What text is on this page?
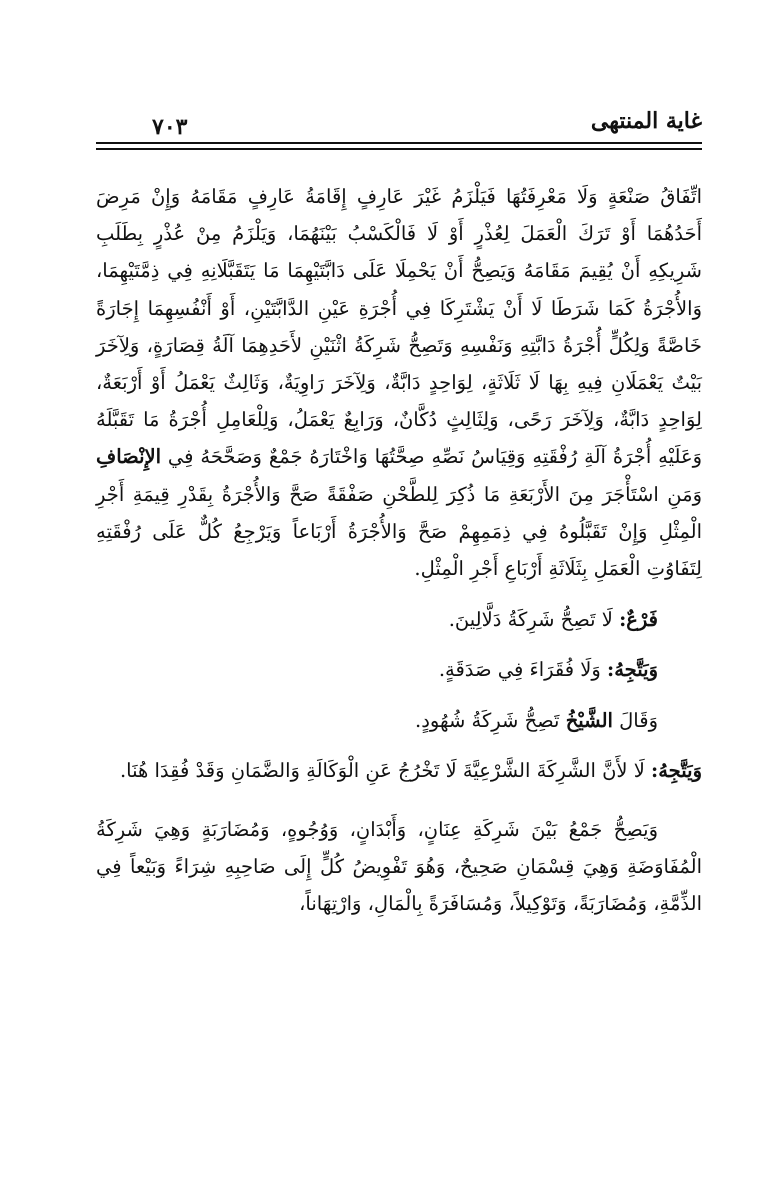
غاية المنتهى
٧٠٣

اتِّفَاقُ صَنْعَةٍ وَلَا مَعْرِفَتُهَا فَيَلْزَمُ غَيْرَ عَارِفٍ إِقَامَةُ عَارِفٍ مَقَامَهُ وَإِنْ مَرِضَ أَحَدُهُمَا أَوْ تَرَكَ الْعَمَلَ لِعُذْرٍ أَوْ لَا فَالْكَسْبُ بَيْنَهُمَا، وَيَلْزَمُ مِنْ عُذْرٍ بِطَلَبِ شَرِيكِهِ أَنْ يُقِيمَ مَقَامَهُ وَيَصِحُّ أَنْ يَحْمِلَا عَلَى دَابَّتَيْهِمَا مَا يَتَقَبَّلَانِهِ فِي ذِمَّتَيْهِمَا، وَالأُجْرَةُ كَمَا شَرَطَا لَا أَنْ يَشْتَرِكَا فِي أُجْرَةِ عَيْنِ الدَّابَّتَيْنِ، أَوْ أَنْفُسِهِمَا إِجَارَةً خَاصَّةً وَلِكُلٍّ أُجْرَةُ دَابَّتِهِ وَنَفْسِهِ وَتَصِحُّ شَرِكَةُ اثْنَيْنِ لأَحَدِهِمَا آلَةُ قِصَارَةٍ، وَلِآخَرَ بَيْتٌ يَعْمَلَانِ فِيهِ بِهَا لَا ثَلَاثَةٍ، لِوَاحِدٍ دَابَّةٌ، وَلِآخَرَ رَاوِيَةٌ، وَثَالِثٌ يَعْمَلُ أَوْ أَرْبَعَةٌ، لِوَاحِدٍ دَابَّةٌ، وَلِآخَرَ رَحًى، وَلِثَالِثٍ دُكَّانٌ، وَرَابِعٌ يَعْمَلُ، وَلِلْعَامِلِ أُجْرَةُ مَا تَقَبَّلَهُ وَعَلَيْهِ أُجْرَةُ آلَةِ رُفْقَتِهِ وَقِيَاسُ نَصِّهِ صِحَّتُهَا وَاخْتَارَهُ جَمْعٌ وَصَحَّحَهُ فِي الإِنْصَافِ وَمَنِ اسْتَأْجَرَ مِنَ الأَرْبَعَةِ مَا ذُكِرَ لِلطَّحْنِ صَفْقَةً صَحَّ وَالأُجْرَةُ بِقَدْرِ قِيمَةِ أَجْرِ الْمِثْلِ وَإِنْ تَقَبَّلُوهُ فِي ذِمَمِهِمْ صَحَّ وَالأُجْرَةُ أَرْبَاعاً وَيَرْجِعُ كُلٌّ عَلَى رُفْقَتِهِ لِتَفَاوُتِ الْعَمَلِ بِثَلَاثَةِ أَرْبَاعِ أَجْرِ الْمِثْلِ.

فَرْعٌ: لَا تَصِحُّ شَرِكَةُ دَلَّالِينَ.

وَيَتَّجِهُ: وَلَا فُقَرَاءَ فِي صَدَقَةٍ.

وَقَالَ الشَّيْخُ تَصِحُّ شَرِكَةُ شُهُودٍ.

وَيَتَّجِهُ: لَا لأَنَّ الشَّرِكَةَ الشَّرْعِيَّةَ لَا تَخْرُجُ عَنِ الْوَكَالَةِ وَالضَّمَانِ وَقَدْ فُقِدَا هُنَا.

وَيَصِحُّ جَمْعُ بَيْنَ شَرِكَةِ عِنَانٍ، وَأَبْدَانٍ، وَوُجُوهٍ، وَمُضَارَبَةٍ وَهِيَ شَرِكَةُ الْمُفَاوَضَةِ وَهِيَ قِسْمَانِ صَحِيحٌ، وَهُوَ تَفْوِيضُ كُلٍّ إِلَى صَاحِبِهِ شِرَاءً وَبَيْعاً فِي الذِّمَّةِ، وَمُضَارَبَةً، وَتَوْكِيلاً، وَمُسَافَرَةً بِالْمَالِ، وَارْتِهَاناً،
